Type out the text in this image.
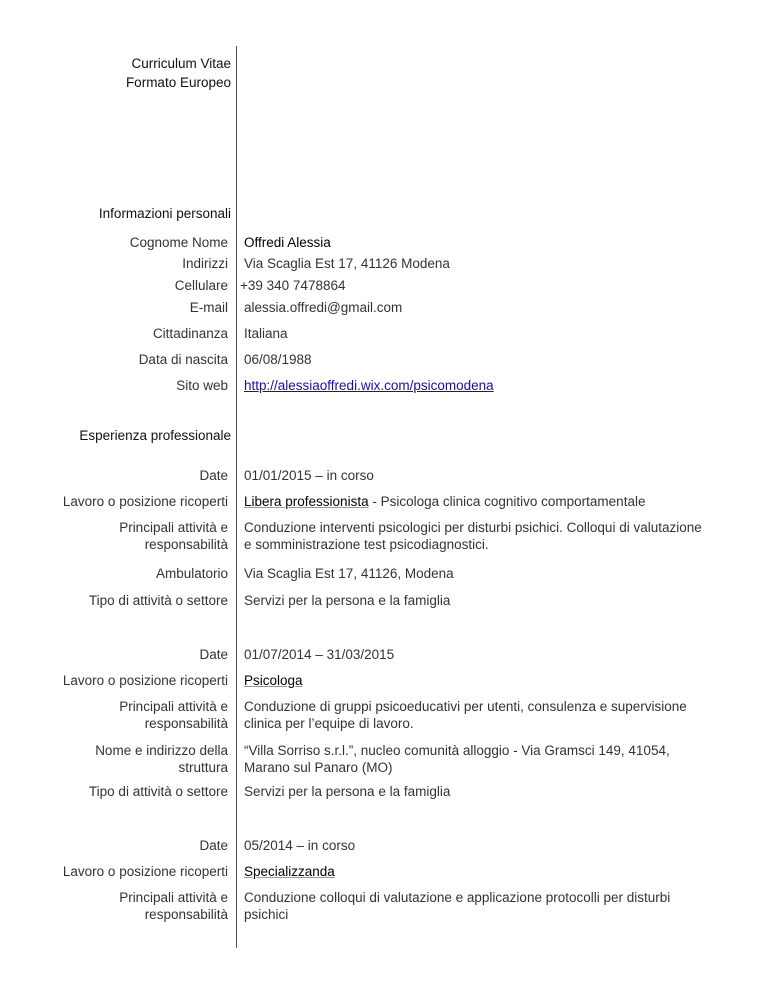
Curriculum Vitae
Formato Europeo
Informazioni personali
Cognome Nome Offredi Alessia
Indirizzi Via Scaglia Est 17, 41126 Modena
Cellulare +39 340 7478864
E-mail alessia.offredi@gmail.com
Cittadinanza Italiana
Data di nascita 06/08/1988
Sito web http://alessiaoffredi.wix.com/psicomodena
Esperienza professionale
Date 01/01/2015 – in corso
Lavoro o posizione ricoperti Libera professionista - Psicologa clinica cognitivo comportamentale
Principali attività e
responsabilità
Conduzione interventi psicologici per disturbi psichici. Colloqui di valutazione
e somministrazione test psicodiagnostici.
Ambulatorio Via Scaglia Est 17, 41126, Modena
Tipo di attività o settore Servizi per la persona e la famiglia
Date 01/07/2014 – 31/03/2015
Lavoro o posizione ricoperti Psicologa
Principali attività e
responsabilità
Conduzione di gruppi psicoeducativi per utenti, consulenza e supervisione
clinica per l’equipe di lavoro.
Nome e indirizzo della
struttura
“Villa Sorriso s.r.l.”, nucleo comunità alloggio - Via Gramsci 149, 41054,
Marano sul Panaro (MO)
Tipo di attività o settore Servizi per la persona e la famiglia
Date 05/2014 – in corso
Lavoro o posizione ricoperti Specializzanda
Principali attività e
responsabilità
Conduzione colloqui di valutazione e applicazione protocolli per disturbi
psichici
